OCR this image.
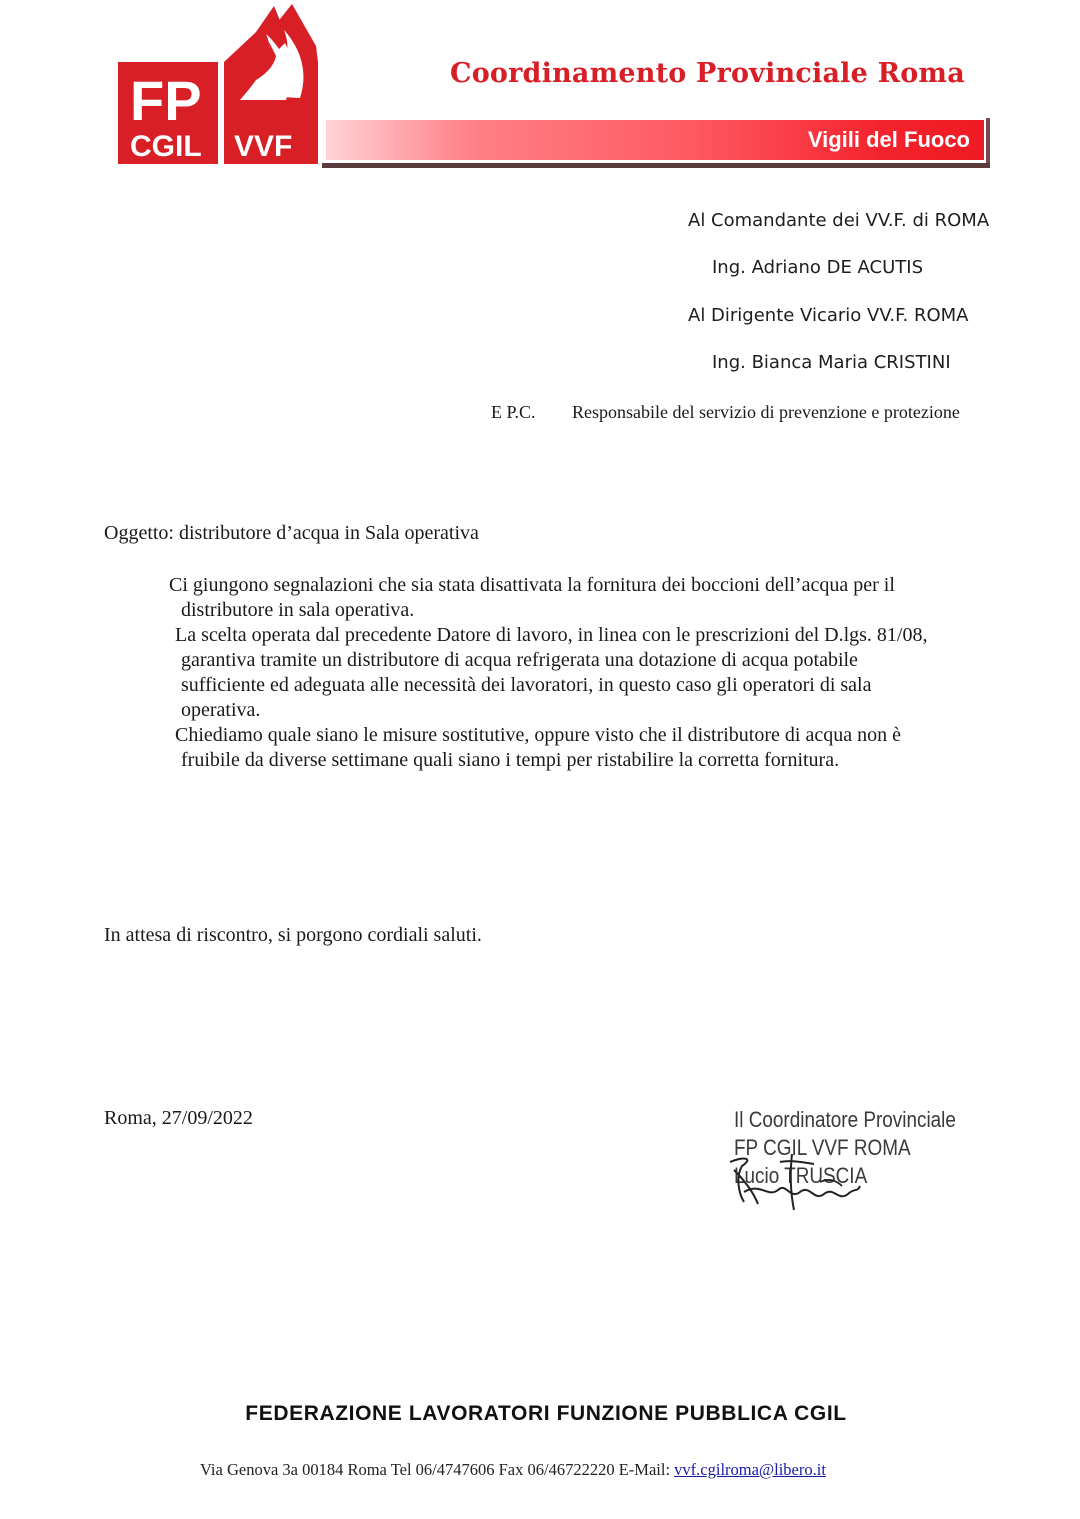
FP
CGIL VVF
Coordinamento Provinciale Roma
Vigili del Fuoco
Al Comandante dei VV.F. di ROMA
Ing. Adriano DE ACUTIS
Al Dirigente Vicario VV.F. ROMA
Ing. Bianca Maria CRISTINI
E P.C. Responsabile del servizio di prevenzione e protezione
Oggetto: distributore d’acqua in Sala operativa
Ci giungono segnalazioni che sia stata disattivata la fornitura dei boccioni dell’acqua per il
distributore in sala operativa.
La scelta operata dal precedente Datore di lavoro, in linea con le prescrizioni del D.lgs. 81/08,
garantiva tramite un distributore di acqua refrigerata una dotazione di acqua potabile
sufficiente ed adeguata alle necessità dei lavoratori, in questo caso gli operatori di sala
operativa.
Chiediamo quale siano le misure sostitutive, oppure visto che il distributore di acqua non è
fruibile da diverse settimane quali siano i tempi per ristabilire la corretta fornitura.
In attesa di riscontro, si porgono cordiali saluti.
Roma, 27/09/2022	Il Coordinatore Provinciale
FP CGIL VVF ROMA
Lucio TRUSCIA
FEDERAZIONE LAVORATORI FUNZIONE PUBBLICA CGIL
Via Genova 3a 00184 Roma Tel 06/4747606 Fax 06/46722220 E-Mail: vvf.cgilroma@libero.it
